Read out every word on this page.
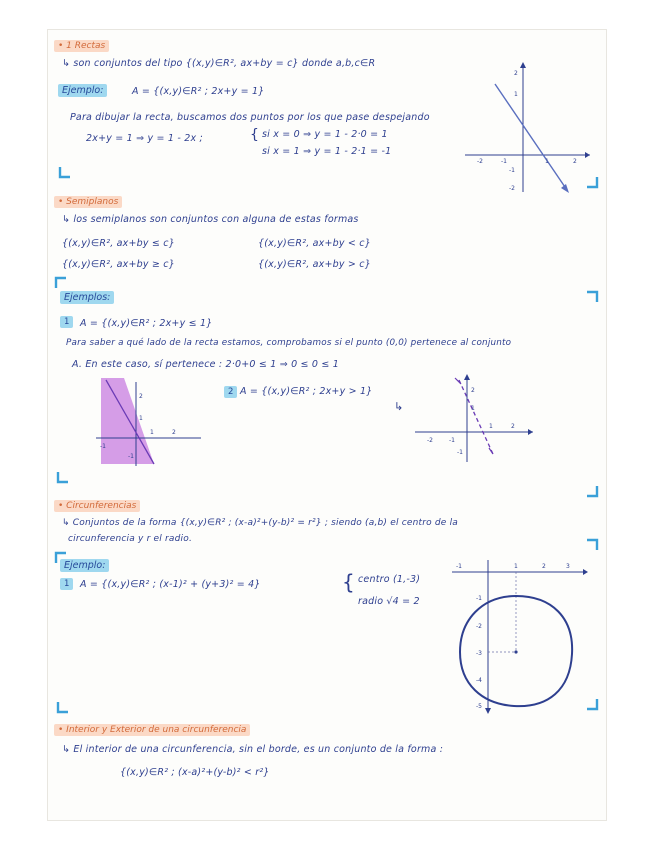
• 1 Rectas
↳ son conjuntos del tipo {(x,y)∈R², ax+by = c} donde a,b,c∈R
Ejemplo:	A = {(x,y)∈R² ; 2x+y = 1}
Para dibujar la recta, buscamos dos puntos por los que pase despejando
2x+y = 1 ⇒ y = 1 - 2x ;	{ si x = 0 ⇒ y = 1 - 2·0 = 1
si x = 1 ⇒ y = 1 - 2·1 = -1
-2	-1	1	2
2
1
-1
-2
• Semiplanos
↳ los semiplanos son conjuntos con alguna de estas formas
{(x,y)∈R², ax+by ≤ c}	{(x,y)∈R², ax+by < c}
{(x,y)∈R², ax+by ≥ c}	{(x,y)∈R², ax+by > c}
Ejemplos:
1	A = {(x,y)∈R² ; 2x+y ≤ 1}
Para saber a qué lado de la recta estamos, comprobamos si el punto (0,0) pertenece al conjunto
A. En este caso, sí pertenece : 2·0+0 ≤ 1 ⇒ 0 ≤ 0 ≤ 1
-1
1	2
2
1
-1
2 A = {(x,y)∈R² ; 2x+y > 1}
↳
-2	-1
1	2
2
1
-1
• Circunferencias
↳ Conjuntos de la forma {(x,y)∈R² ; (x-a)²+(y-b)² = r²} ; siendo (a,b) el centro de la
circunferencia y r el radio.
Ejemplo:
1	A = {(x,y)∈R² ; (x-1)² + (y+3)² = 4}	{ centro (1,-3)
radio √4 = 2
-1	1	2	3
-1
-2
-3
-4
-5
• Interior y Exterior de una circunferencia
↳ El interior de una circunferencia, sin el borde, es un conjunto de la forma :
{(x,y)∈R² ; (x-a)²+(y-b)² < r²}
